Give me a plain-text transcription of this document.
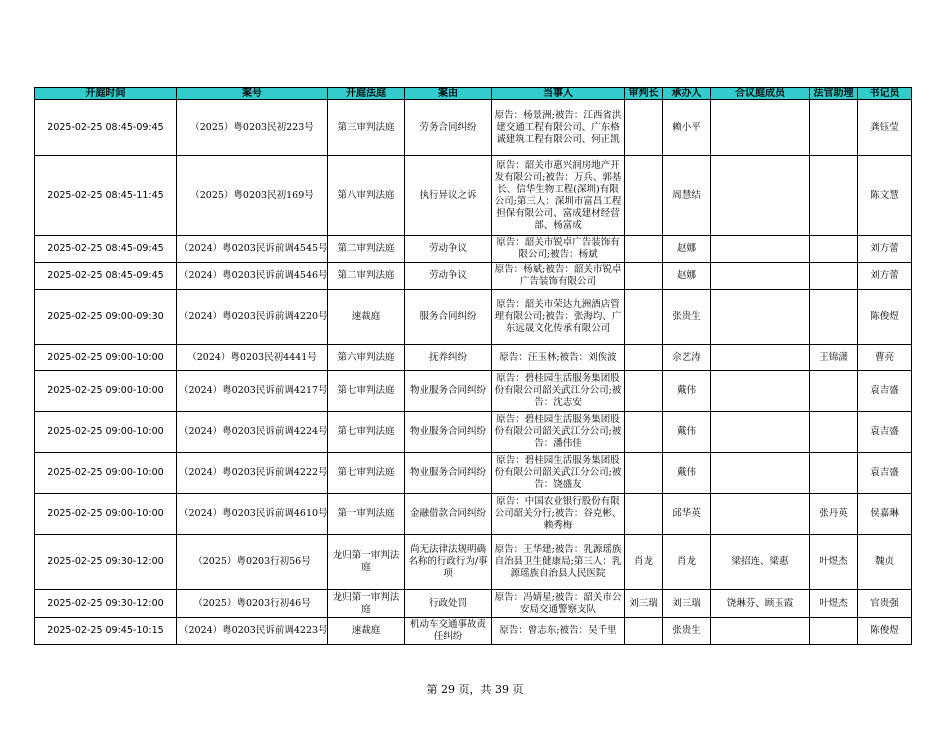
开庭时间	案号	开庭法庭	案由	当事人	审判长	承办人	合议庭成员	法官助理	书记员
2025-02-25 08:45-09:45	（2025）粤0203民初223号	第三审判法庭	劳务合同纠纷	原告：杨景洲;被告：江西省洪建交通工程有限公司、广东格诚建筑工程有限公司、何正凯		赖小平			龚钰莹
2025-02-25 08:45-11:45	（2025）粤0203民初169号	第八审判法庭	执行异议之诉	原告：韶关市惠兴润房地产开发有限公司;被告：万兵、郭基长、信华生物工程(深圳)有限公司;第三人：深圳市富昌工程担保有限公司、富成建材经营部、杨富成		周慧结			陈文慧
2025-02-25 08:45-09:45	（2024）粤0203民诉前调4545号	第二审判法庭	劳动争议	原告：韶关市锐卓广告装饰有限公司;被告：杨斌		赵娜			刘方蕾
2025-02-25 08:45-09:45	（2024）粤0203民诉前调4546号	第二审判法庭	劳动争议	原告：杨斌;被告：韶关市锐卓广告装饰有限公司		赵娜			刘方蕾
2025-02-25 09:00-09:30	（2024）粤0203民诉前调4220号	速裁庭	服务合同纠纷	原告：韶关市荣达九洲酒店管理有限公司;被告：张海均、广东远晟文化传承有限公司		张贵生			陈俊煜
2025-02-25 09:00-10:00	（2024）粤0203民初4441号	第六审判法庭	抚养纠纷	原告：汪玉林;被告：刘俟波		佘艺涛		王锦潇	曹亮
2025-02-25 09:00-10:00	（2024）粤0203民诉前调4217号	第七审判法庭	物业服务合同纠纷	原告：碧桂园生活服务集团股份有限公司韶关武江分公司;被告：沈志安		戴伟			袁吉盛
2025-02-25 09:00-10:00	（2024）粤0203民诉前调4224号	第七审判法庭	物业服务合同纠纷	原告：碧桂园生活服务集团股份有限公司韶关武江分公司;被告：潘伟佳		戴伟			袁吉盛
2025-02-25 09:00-10:00	（2024）粤0203民诉前调4222号	第七审判法庭	物业服务合同纠纷	原告：碧桂园生活服务集团股份有限公司韶关武江分公司;被告：饶盛友		戴伟			袁吉盛
2025-02-25 09:00-10:00	（2024）粤0203民诉前调4610号	第一审判法庭	金融借款合同纠纷	原告：中国农业银行股份有限公司韶关分行;被告：谷克彬、赖秀梅		邱华英		张丹英	侯嘉琳
2025-02-25 09:30-12:00	（2025）粤0203行初56号	龙归第一审判法庭	尚无法律法规明确名称的行政行为/事项	原告：王华建;被告：乳源瑶族自治县卫生健康局;第三人：乳源瑶族自治县人民医院	肖龙	肖龙	梁招连、梁惠	叶煜杰	魏贞
2025-02-25 09:30-12:00	（2025）粤0203行初46号	龙归第一审判法庭	行政处罚	原告：冯婧星;被告：韶关市公安局交通警察支队	刘三瑞	刘三瑞	饶琳芬、顾玉霞	叶煜杰	官贵强
2025-02-25 09:45-10:15	（2024）粤0203民诉前调4223号	速裁庭	机动车交通事故责任纠纷	原告：曾志东;被告：吴千里		张贵生			陈俊煜
第 29 页，共 39 页
